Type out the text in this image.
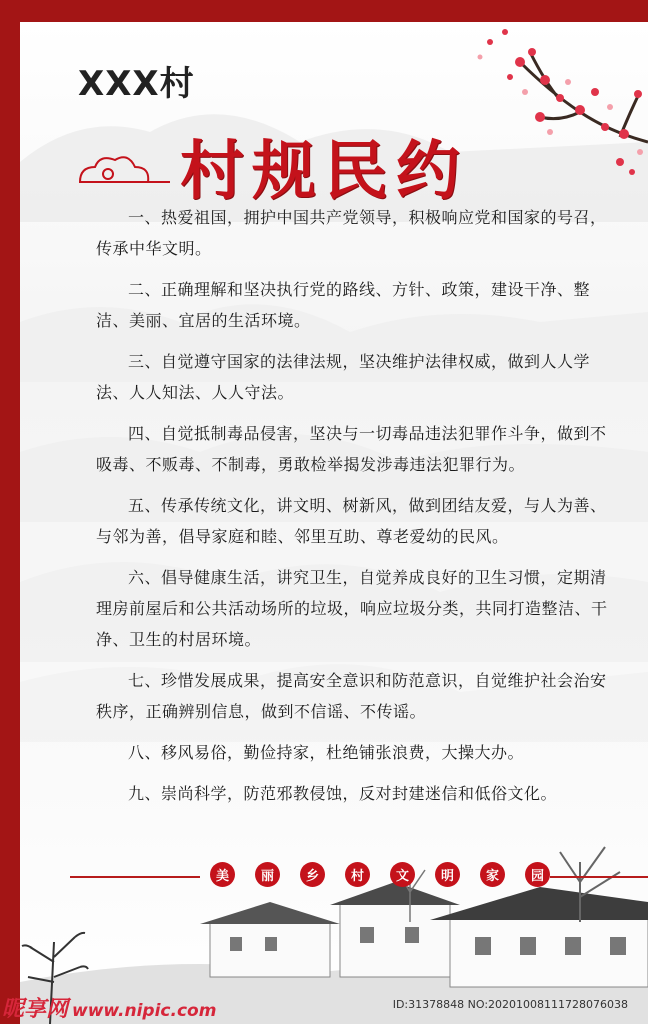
XXX村
村规民约

一、热爱祖国，拥护中国共产党领导，积极响应党和国家的号召，传承中华文明。

二、正确理解和坚决执行党的路线、方针、政策，建设干净、整洁、美丽、宜居的生活环境。

三、自觉遵守国家的法律法规，坚决维护法律权威，做到人人学法、人人知法、人人守法。

四、自觉抵制毒品侵害，坚决与一切毒品违法犯罪作斗争，做到不吸毒、不贩毒、不制毒，勇敢检举揭发涉毒违法犯罪行为。

五、传承传统文化，讲文明、树新风，做到团结友爱，与人为善、与邻为善，倡导家庭和睦、邻里互助、尊老爱幼的民风。

六、倡导健康生活，讲究卫生，自觉养成良好的卫生习惯，定期清理房前屋后和公共活动场所的垃圾，响应垃圾分类，共同打造整洁、干净、卫生的村居环境。

七、珍惜发展成果，提高安全意识和防范意识，自觉维护社会治安秩序，正确辨别信息，做到不信谣、不传谣。

八、移风易俗，勤俭持家，杜绝铺张浪费，大操大办。

九、崇尚科学，防范邪教侵蚀，反对封建迷信和低俗文化。

美	丽	乡	村	文	明	家	园
昵享网 www.nipic.com	ID:31378848 NO:20201008111728076038
